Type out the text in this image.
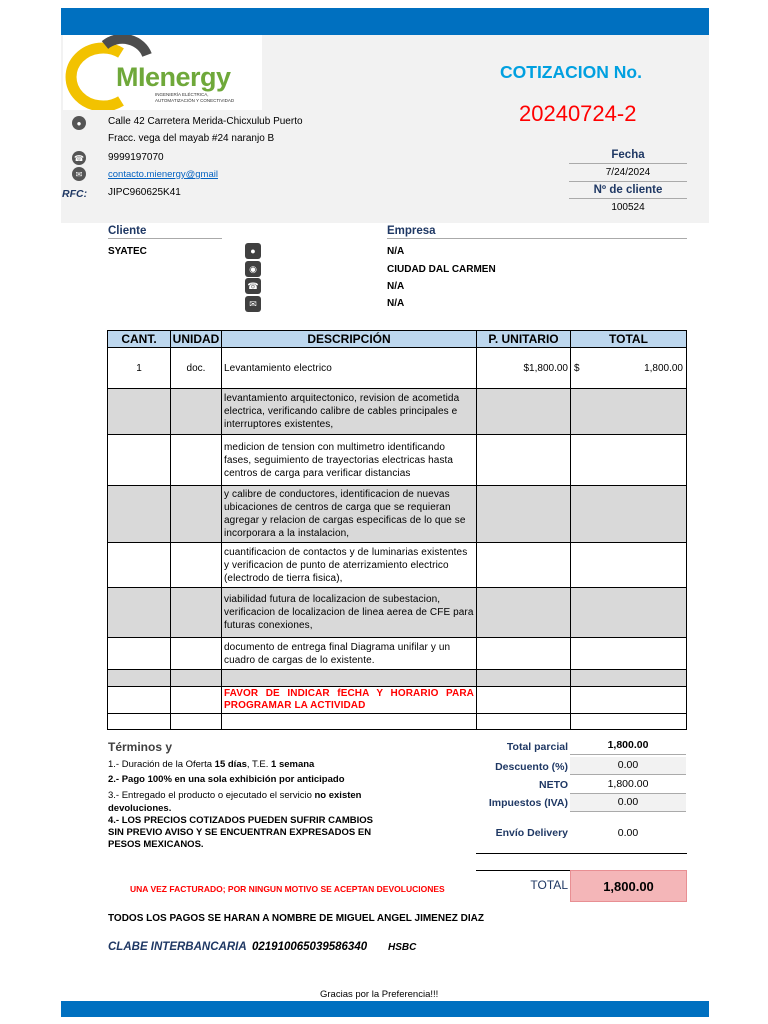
MIenergy
INGENIERÍA ELÉCTRICA,
AUTOMATIZACIÓN Y CONECTIVIDAD
●	Calle 42 Carretera Merida-Chicxulub Puerto
Fracc. vega del mayab #24 naranjo B
☎ 9999197070
✉	contacto.mienergy@gmail
RFC: JIPC960625K41
COTIZACION No.
20240724-2
Fecha
7/24/2024
Nº de cliente
100524
Cliente
SYATEC
Empresa
●	N/A
◉	CIUDAD DAL CARMEN
☎	N/A
✉	N/A
CANT.	UNIDAD	DESCRIPCIÓN	P. UNITARIO	TOTAL
1	doc.	Levantamiento electrico	$1,800.00	$ 1,800.00

		levantamiento arquitectonico, revision de acometida electrica, verificando calibre de cables principales e interruptores existentes,		
		medicion de tension con multimetro identificando fases, seguimiento de trayectorias electricas hasta centros de carga para verificar distancias		
		y calibre de conductores, identificacion de nuevas ubicaciones de centros de carga que se requieran agregar y relacion de cargas especificas de lo que se incorporara a la instalacion,		
		cuantificacion de contactos y de luminarias existentes y verificacion de punto de aterrizamiento electrico (electrodo de tierra fisica),		
		viabilidad futura de localizacion de subestacion, verificacion de localizacion de linea aerea de CFE para futuras conexiones,		
		documento de entrega final Diagrama unifilar y un cuadro de cargas de lo existente.		

		FAVOR DE INDICAR fECHA Y HORARIO PARA PROGRAMAR LA ACTIVIDAD		

Términos y
1.- Duración de la Oferta 15 días, T.E. 1 semana
2.- Pago 100% en una sola exhibición por anticipado
3.- Entregado el producto o ejecutado el servicio no existen devoluciones.
4.- LOS PRECIOS COTIZADOS PUEDEN SUFRIR CAMBIOS SIN PREVIO AVISO Y SE ENCUENTRAN EXPRESADOS EN PESOS MEXICANOS.
Total parcial	1,800.00
Descuento (%)	0.00
NETO	1,800.00
Impuestos (IVA)	0.00
Envío Delivery	0.00
TOTAL	1,800.00
UNA VEZ FACTURADO; POR NINGUN MOTIVO SE ACEPTAN DEVOLUCIONES
TODOS LOS PAGOS SE HARAN A NOMBRE DE MIGUEL ANGEL JIMENEZ DIAZ
CLABE INTERBANCARIA 021910065039586340 HSBC
Gracias por la Preferencia!!!
